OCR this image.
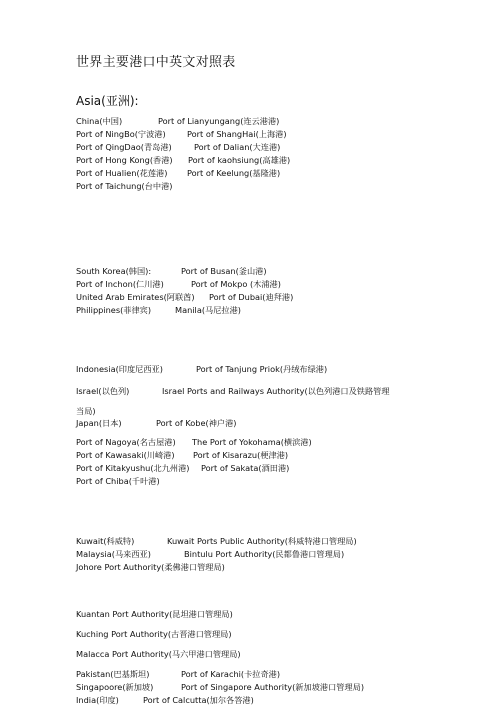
世界主要港口中英文对照表
Asia(亚洲):
China(中国)	Port of Lianyungang(连云港港)
Port of NingBo(宁波港)	Port of ShangHai(上海港)
Port of QingDao(青岛港)	Port of Dalian(大连港)
Port of Hong Kong(香港) Port of kaohsiung(高雄港)
Port of Hualien(花莲港) Port of Keelung(基隆港)
Port of Taichung(台中港)
South Korea(韩国):	Port of Busan(釜山港)
Port of Inchon(仁川港)	Port of Mokpo (木浦港)
United Arab Emirates(阿联酋) Port of Dubai(迪拜港)
Philippines(菲律宾)	Manila(马尼拉港)
Indonesia(印度尼西亚)	Port of Tanjung Priok(丹绒布绿港)
Israel(以色列)	Israel Ports and Railways Authority(以色列港口及铁路管理
当局)
Japan(日本)	Port of Kobe(神户港)
Port of Nagoya(名古屋港) The Port of Yokohama(横滨港)
Port of Kawasaki(川崎港) Port of Kisarazu(梗津港)
Port of Kitakyushu(北九州港) Port of Sakata(酒田港)
Port of Chiba(千叶港)
Kuwait(科威特)	Kuwait Ports Public Authority(科威特港口管理局)
Malaysia(马来西亚)	Bintulu Port Authority(民都鲁港口管理局)
Johore Port Authority(柔佛港口管理局)
Kuantan Port Authority(昆坦港口管理局)
Kuching Port Authority(古晋港口管理局)
Malacca Port Authority(马六甲港口管理局)
Pakistan(巴基斯坦)	Port of Karachi(卡拉奇港)
Singapoore(新加坡)	Port of Singapore Authority(新加坡港口管理局)
India(印度)	Port of Calcutta(加尔各答港)
